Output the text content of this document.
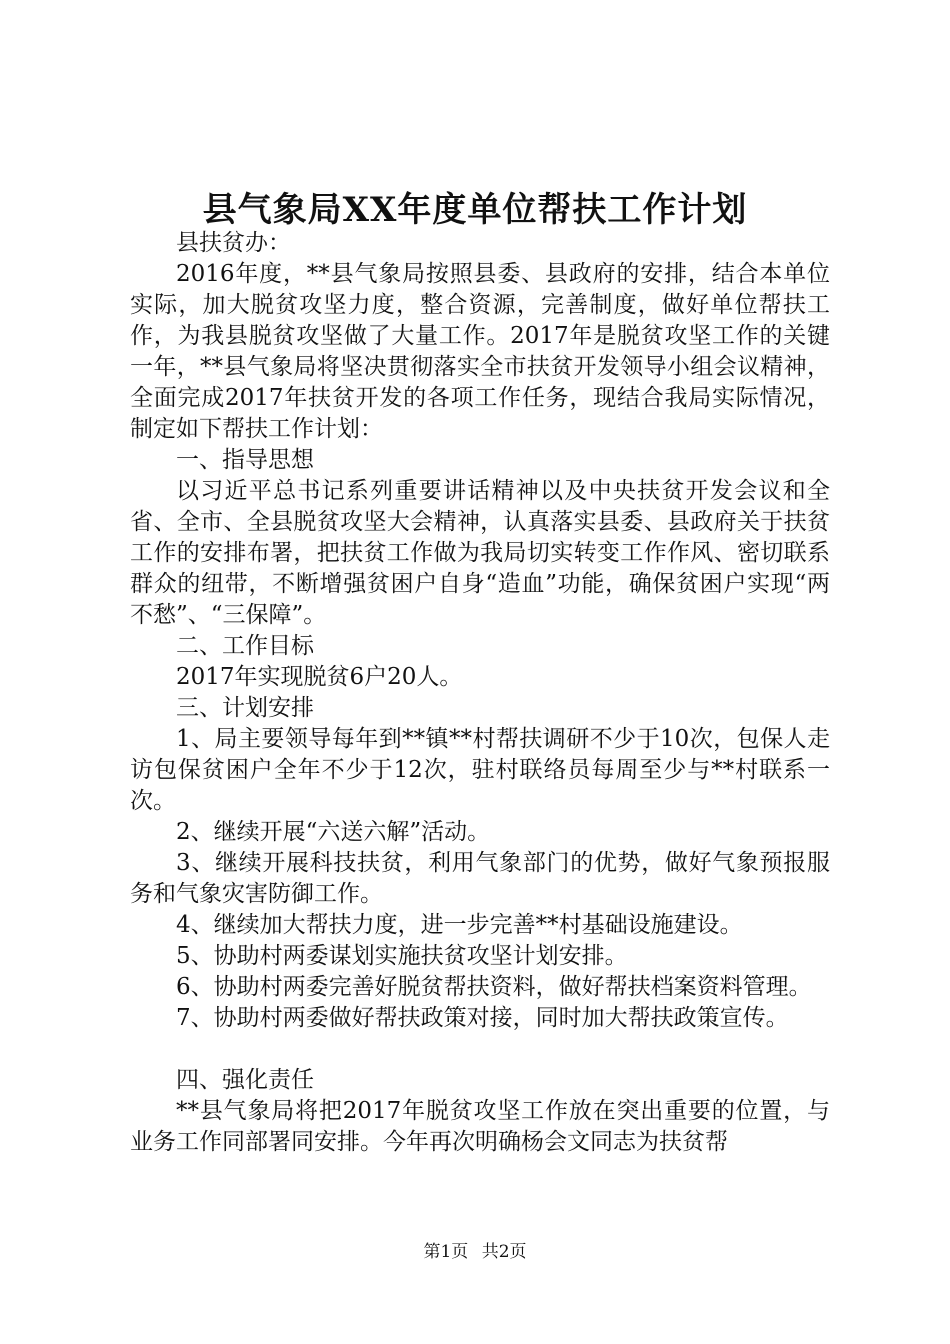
县气象局XX年度单位帮扶工作计划

县扶贫办：

2016年度，**县气象局按照县委、县政府的安排，结合本单位实际，加大脱贫攻坚力度，整合资源，完善制度，做好单位帮扶工作，为我县脱贫攻坚做了大量工作。2017年是脱贫攻坚工作的关键一年，**县气象局将坚决贯彻落实全市扶贫开发领导小组会议精神，全面完成2017年扶贫开发的各项工作任务，现结合我局实际情况，制定如下帮扶工作计划：

一、指导思想

以习近平总书记系列重要讲话精神以及中央扶贫开发会议和全省、全市、全县脱贫攻坚大会精神，认真落实县委、县政府关于扶贫工作的安排布署，把扶贫工作做为我局切实转变工作作风、密切联系群众的纽带，不断增强贫困户自身“造血”功能，确保贫困户实现“两不愁”、“三保障”。

二、工作目标

2017年实现脱贫6户20人。

三、计划安排

1、局主要领导每年到**镇**村帮扶调研不少于10次，包保人走访包保贫困户全年不少于12次，驻村联络员每周至少与**村联系一次。

2、继续开展“六送六解”活动。

3、继续开展科技扶贫，利用气象部门的优势，做好气象预报服务和气象灾害防御工作。

4、继续加大帮扶力度，进一步完善**村基础设施建设。

5、协助村两委谋划实施扶贫攻坚计划安排。

6、协助村两委完善好脱贫帮扶资料，做好帮扶档案资料管理。

7、协助村两委做好帮扶政策对接，同时加大帮扶政策宣传。

四、强化责任

**县气象局将把2017年脱贫攻坚工作放在突出重要的位置，与业务工作同部署同安排。今年再次明确杨会文同志为扶贫帮

第1页 共2页
